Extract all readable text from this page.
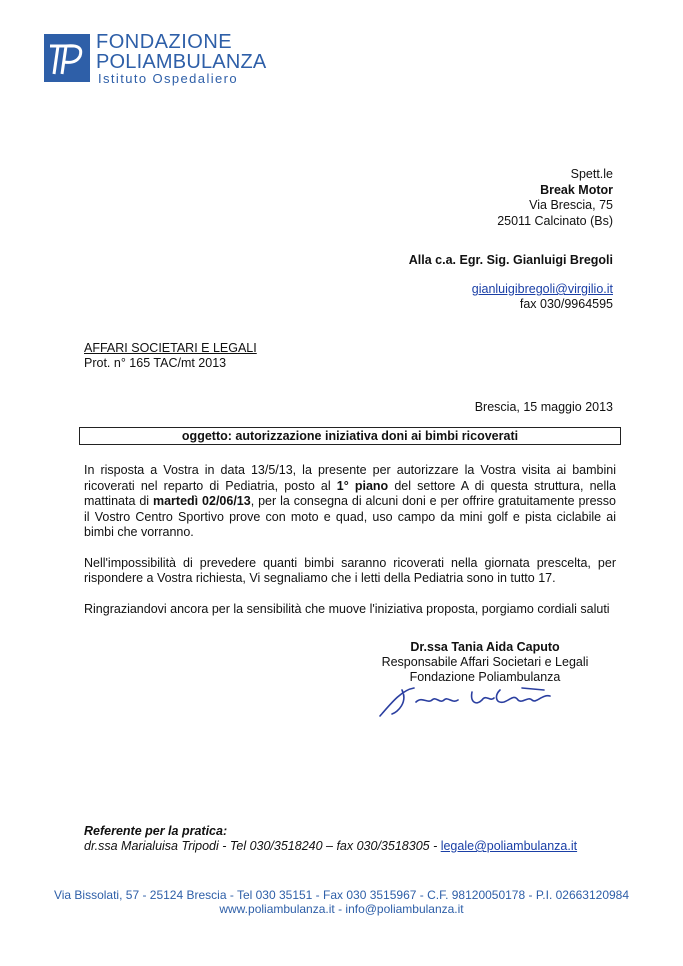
FONDAZIONE
POLIAMBULANZA
Istituto Ospedaliero
Spett.le
Break Motor
Via Brescia, 75
25011 Calcinato (Bs)
Alla c.a. Egr. Sig. Gianluigi Bregoli
gianluigibregoli@virgilio.it
fax 030/9964595
AFFARI SOCIETARI E LEGALI
Prot. n° 165 TAC/mt 2013
Brescia, 15 maggio 2013
oggetto: autorizzazione iniziativa doni ai bimbi ricoverati

In risposta a Vostra in data 13/5/13, la presente per autorizzare la Vostra visita ai bambini ricoverati nel reparto di Pediatria, posto al 1° piano del settore A di questa struttura, nella mattinata di martedì 02/06/13, per la consegna di alcuni doni e per offrire gratuitamente presso il Vostro Centro Sportivo prove con moto e quad, uso campo da mini golf e pista ciclabile ai bimbi che vorranno.

Nell'impossibilità di prevedere quanti bimbi saranno ricoverati nella giornata prescelta, per rispondere a Vostra richiesta, Vi segnaliamo che i letti della Pediatria sono in tutto 17.

Ringraziandovi ancora per la sensibilità che muove l'iniziativa proposta, porgiamo cordiali saluti

Dr.ssa Tania Aida Caputo
Responsabile Affari Societari e Legali
Fondazione Poliambulanza
Referente per la pratica:
dr.ssa Marialuisa Tripodi - Tel 030/3518240 – fax 030/3518305 - legale@poliambulanza.it
Via Bissolati, 57 - 25124 Brescia - Tel 030 35151 - Fax 030 3515967 - C.F. 98120050178 - P.I. 02663120984
www.poliambulanza.it - info@poliambulanza.it
